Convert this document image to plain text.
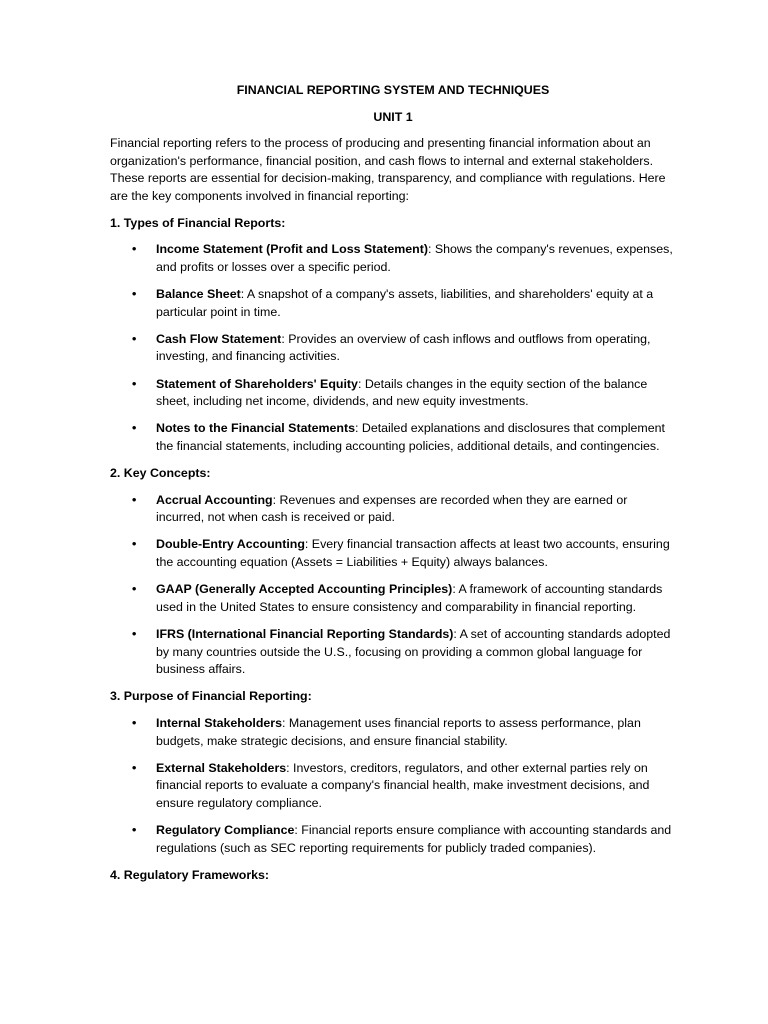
FINANCIAL REPORTING SYSTEM AND TECHNIQUES
UNIT 1

Financial reporting refers to the process of producing and presenting financial information about an organization's performance, financial position, and cash flows to internal and external stakeholders. These reports are essential for decision-making, transparency, and compliance with regulations. Here are the key components involved in financial reporting:

1. Types of Financial Reports:
• Income Statement (Profit and Loss Statement): Shows the company's revenues, expenses, and profits or losses over a specific period.
• Balance Sheet: A snapshot of a company's assets, liabilities, and shareholders' equity at a particular point in time.
• Cash Flow Statement: Provides an overview of cash inflows and outflows from operating, investing, and financing activities.
• Statement of Shareholders' Equity: Details changes in the equity section of the balance sheet, including net income, dividends, and new equity investments.
• Notes to the Financial Statements: Detailed explanations and disclosures that complement the financial statements, including accounting policies, additional details, and contingencies.
2. Key Concepts:
• Accrual Accounting: Revenues and expenses are recorded when they are earned or incurred, not when cash is received or paid.
• Double-Entry Accounting: Every financial transaction affects at least two accounts, ensuring the accounting equation (Assets = Liabilities + Equity) always balances.
• GAAP (Generally Accepted Accounting Principles): A framework of accounting standards used in the United States to ensure consistency and comparability in financial reporting.
• IFRS (International Financial Reporting Standards): A set of accounting standards adopted by many countries outside the U.S., focusing on providing a common global language for business affairs.
3. Purpose of Financial Reporting:
• Internal Stakeholders: Management uses financial reports to assess performance, plan budgets, make strategic decisions, and ensure financial stability.
• External Stakeholders: Investors, creditors, regulators, and other external parties rely on financial reports to evaluate a company's financial health, make investment decisions, and ensure regulatory compliance.
• Regulatory Compliance: Financial reports ensure compliance with accounting standards and regulations (such as SEC reporting requirements for publicly traded companies).
4. Regulatory Frameworks:
